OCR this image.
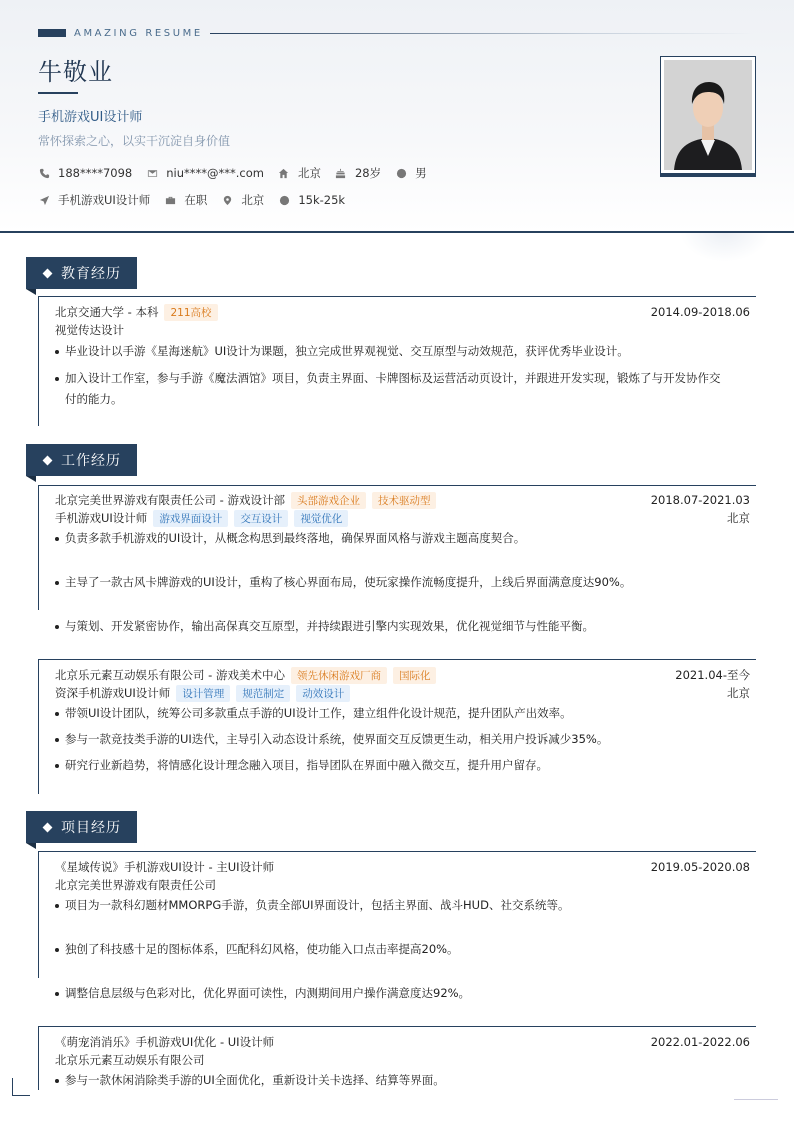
AMAZING RESUME
牛敬业
手机游戏UI设计师
常怀探索之心，以实干沉淀自身价值
188****7098	niu****@***.com	北京	28岁	男
手机游戏UI设计师	在职	北京	15k-25k
教育经历
北京交通大学 - 本科	211高校	2014.09-2018.06
视觉传达设计
毕业设计以手游《星海迷航》UI设计为课题，独立完成世界观视觉、交互原型与动效规范，获评优秀毕业设计。
加入设计工作室，参与手游《魔法酒馆》项目，负责主界面、卡牌图标及运营活动页设计，并跟进开发实现，锻炼了与开发协作交
付的能力。
工作经历
北京完美世界游戏有限责任公司 - 游戏设计部	头部游戏企业	技术驱动型	2018.07-2021.03
手机游戏UI设计师	游戏界面设计	交互设计	视觉优化	北京
负责多款手机游戏的UI设计，从概念构思到最终落地，确保界面风格与游戏主题高度契合。
主导了一款古风卡牌游戏的UI设计，重构了核心界面布局，使玩家操作流畅度提升，上线后界面满意度达90%。
与策划、开发紧密协作，输出高保真交互原型，并持续跟进引擎内实现效果，优化视觉细节与性能平衡。
北京乐元素互动娱乐有限公司 - 游戏美术中心	领先休闲游戏厂商	国际化	2021.04-至今
资深手机游戏UI设计师	设计管理	规范制定	动效设计	北京
带领UI设计团队，统筹公司多款重点手游的UI设计工作，建立组件化设计规范，提升团队产出效率。
参与一款竞技类手游的UI迭代，主导引入动态设计系统，使界面交互反馈更生动，相关用户投诉减少35%。
研究行业新趋势，将情感化设计理念融入项目，指导团队在界面中融入微交互，提升用户留存。
项目经历
《星域传说》手机游戏UI设计 - 主UI设计师	2019.05-2020.08
北京完美世界游戏有限责任公司
项目为一款科幻题材MMORPG手游，负责全部UI界面设计，包括主界面、战斗HUD、社交系统等。
独创了科技感十足的图标体系，匹配科幻风格，使功能入口点击率提高20%。
调整信息层级与色彩对比，优化界面可读性，内测期间用户操作满意度达92%。
《萌宠消消乐》手机游戏UI优化 - UI设计师	2022.01-2022.06
北京乐元素互动娱乐有限公司
参与一款休闲消除类手游的UI全面优化，重新设计关卡选择、结算等界面。
